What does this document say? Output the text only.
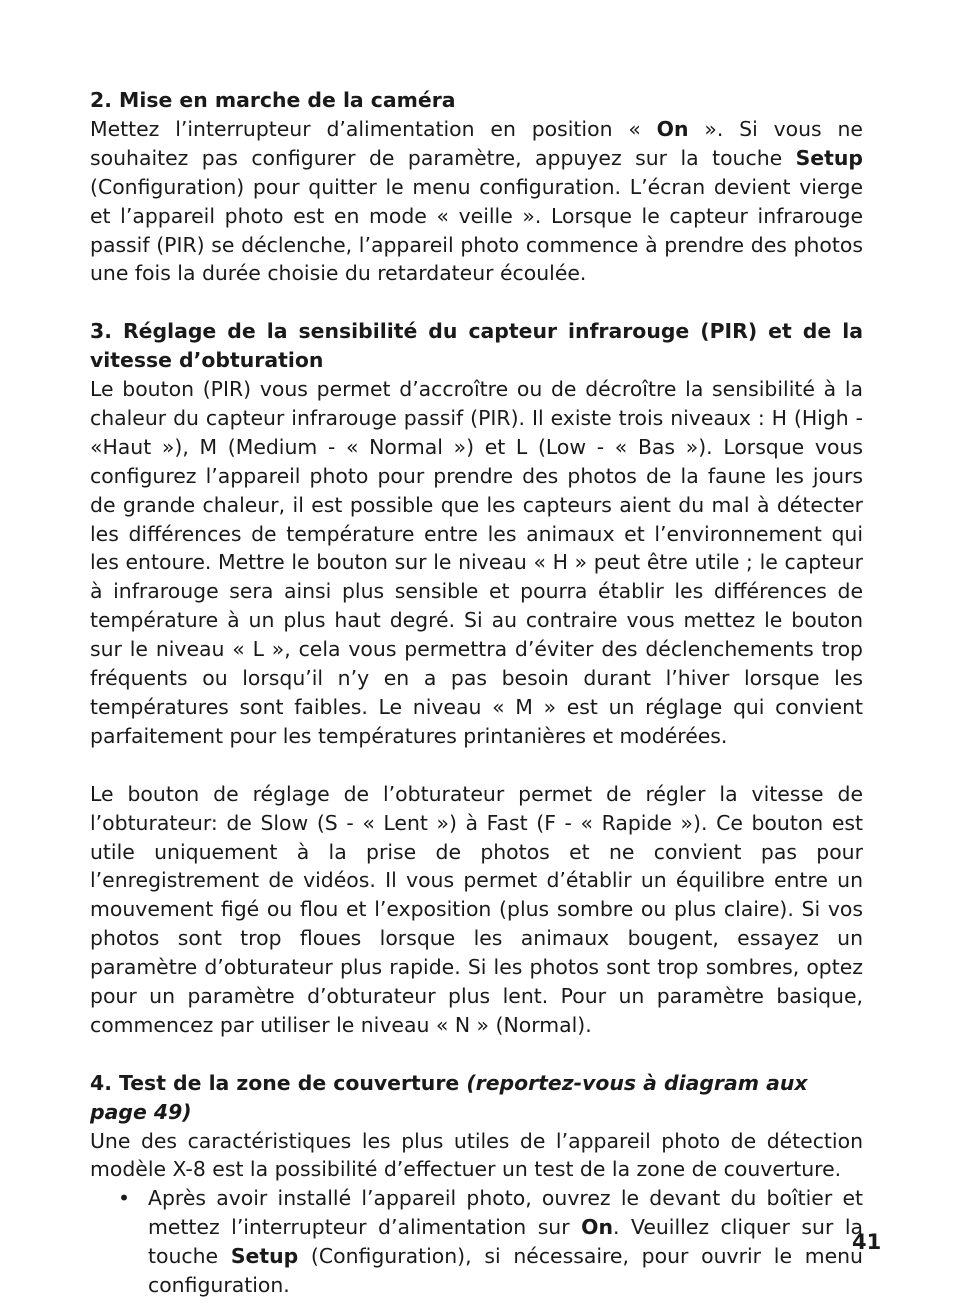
2. Mise en marche de la caméra

Mettez l’interrupteur d’alimentation en position « On ». Si vous ne souhaitez pas configurer de paramètre, appuyez sur la touche Setup (Configuration) pour quitter le menu configuration. L’écran devient vierge et l’appareil photo est en mode « veille ». Lorsque le capteur infrarouge passif (PIR) se déclenche, l’appareil photo commence à prendre des photos une fois la durée choisie du retardateur écoulée.

3. Réglage de la sensibilité du capteur infrarouge (PIR) et de la vitesse d’obturation

Le bouton (PIR) vous permet d’accroître ou de décroître la sensibilité à la chaleur du capteur infrarouge passif (PIR). Il existe trois niveaux : H (High - «Haut »), M (Medium - « Normal ») et L (Low - « Bas »). Lorsque vous configurez l’appareil photo pour prendre des photos de la faune les jours de grande chaleur, il est possible que les capteurs aient du mal à détecter les différences de température entre les animaux et l’environnement qui les entoure. Mettre le bouton sur le niveau « H » peut être utile ; le capteur à infrarouge sera ainsi plus sensible et pourra établir les différences de température à un plus haut degré. Si au contraire vous mettez le bouton sur le niveau « L », cela vous permettra d’éviter des déclenchements trop fréquents ou lorsqu’il n’y en a pas besoin durant l’hiver lorsque les températures sont faibles. Le niveau « M » est un réglage qui convient parfaitement pour les températures printanières et modérées.

Le bouton de réglage de l’obturateur permet de régler la vitesse de l’obturateur: de Slow (S - « Lent ») à Fast (F - « Rapide »). Ce bouton est utile uniquement à la prise de photos et ne convient pas pour l’enregistrement de vidéos. Il vous permet d’établir un équilibre entre un mouvement figé ou flou et l’exposition (plus sombre ou plus claire). Si vos photos sont trop floues lorsque les animaux bougent, essayez un paramètre d’obturateur plus rapide. Si les photos sont trop sombres, optez pour un paramètre d’obturateur plus lent. Pour un paramètre basique, commencez par utiliser le niveau « N » (Normal).

4. Test de la zone de couverture (reportez-vous à diagram aux page 49)

Une des caractéristiques les plus utiles de l’appareil photo de détection modèle X-8 est la possibilité d’effectuer un test de la zone de couverture.

• Après avoir installé l’appareil photo, ouvrez le devant du boîtier et mettez l’interrupteur d’alimentation sur On. Veuillez cliquer sur la touche Setup (Configuration), si nécessaire, pour ouvrir le menu configuration.
41
